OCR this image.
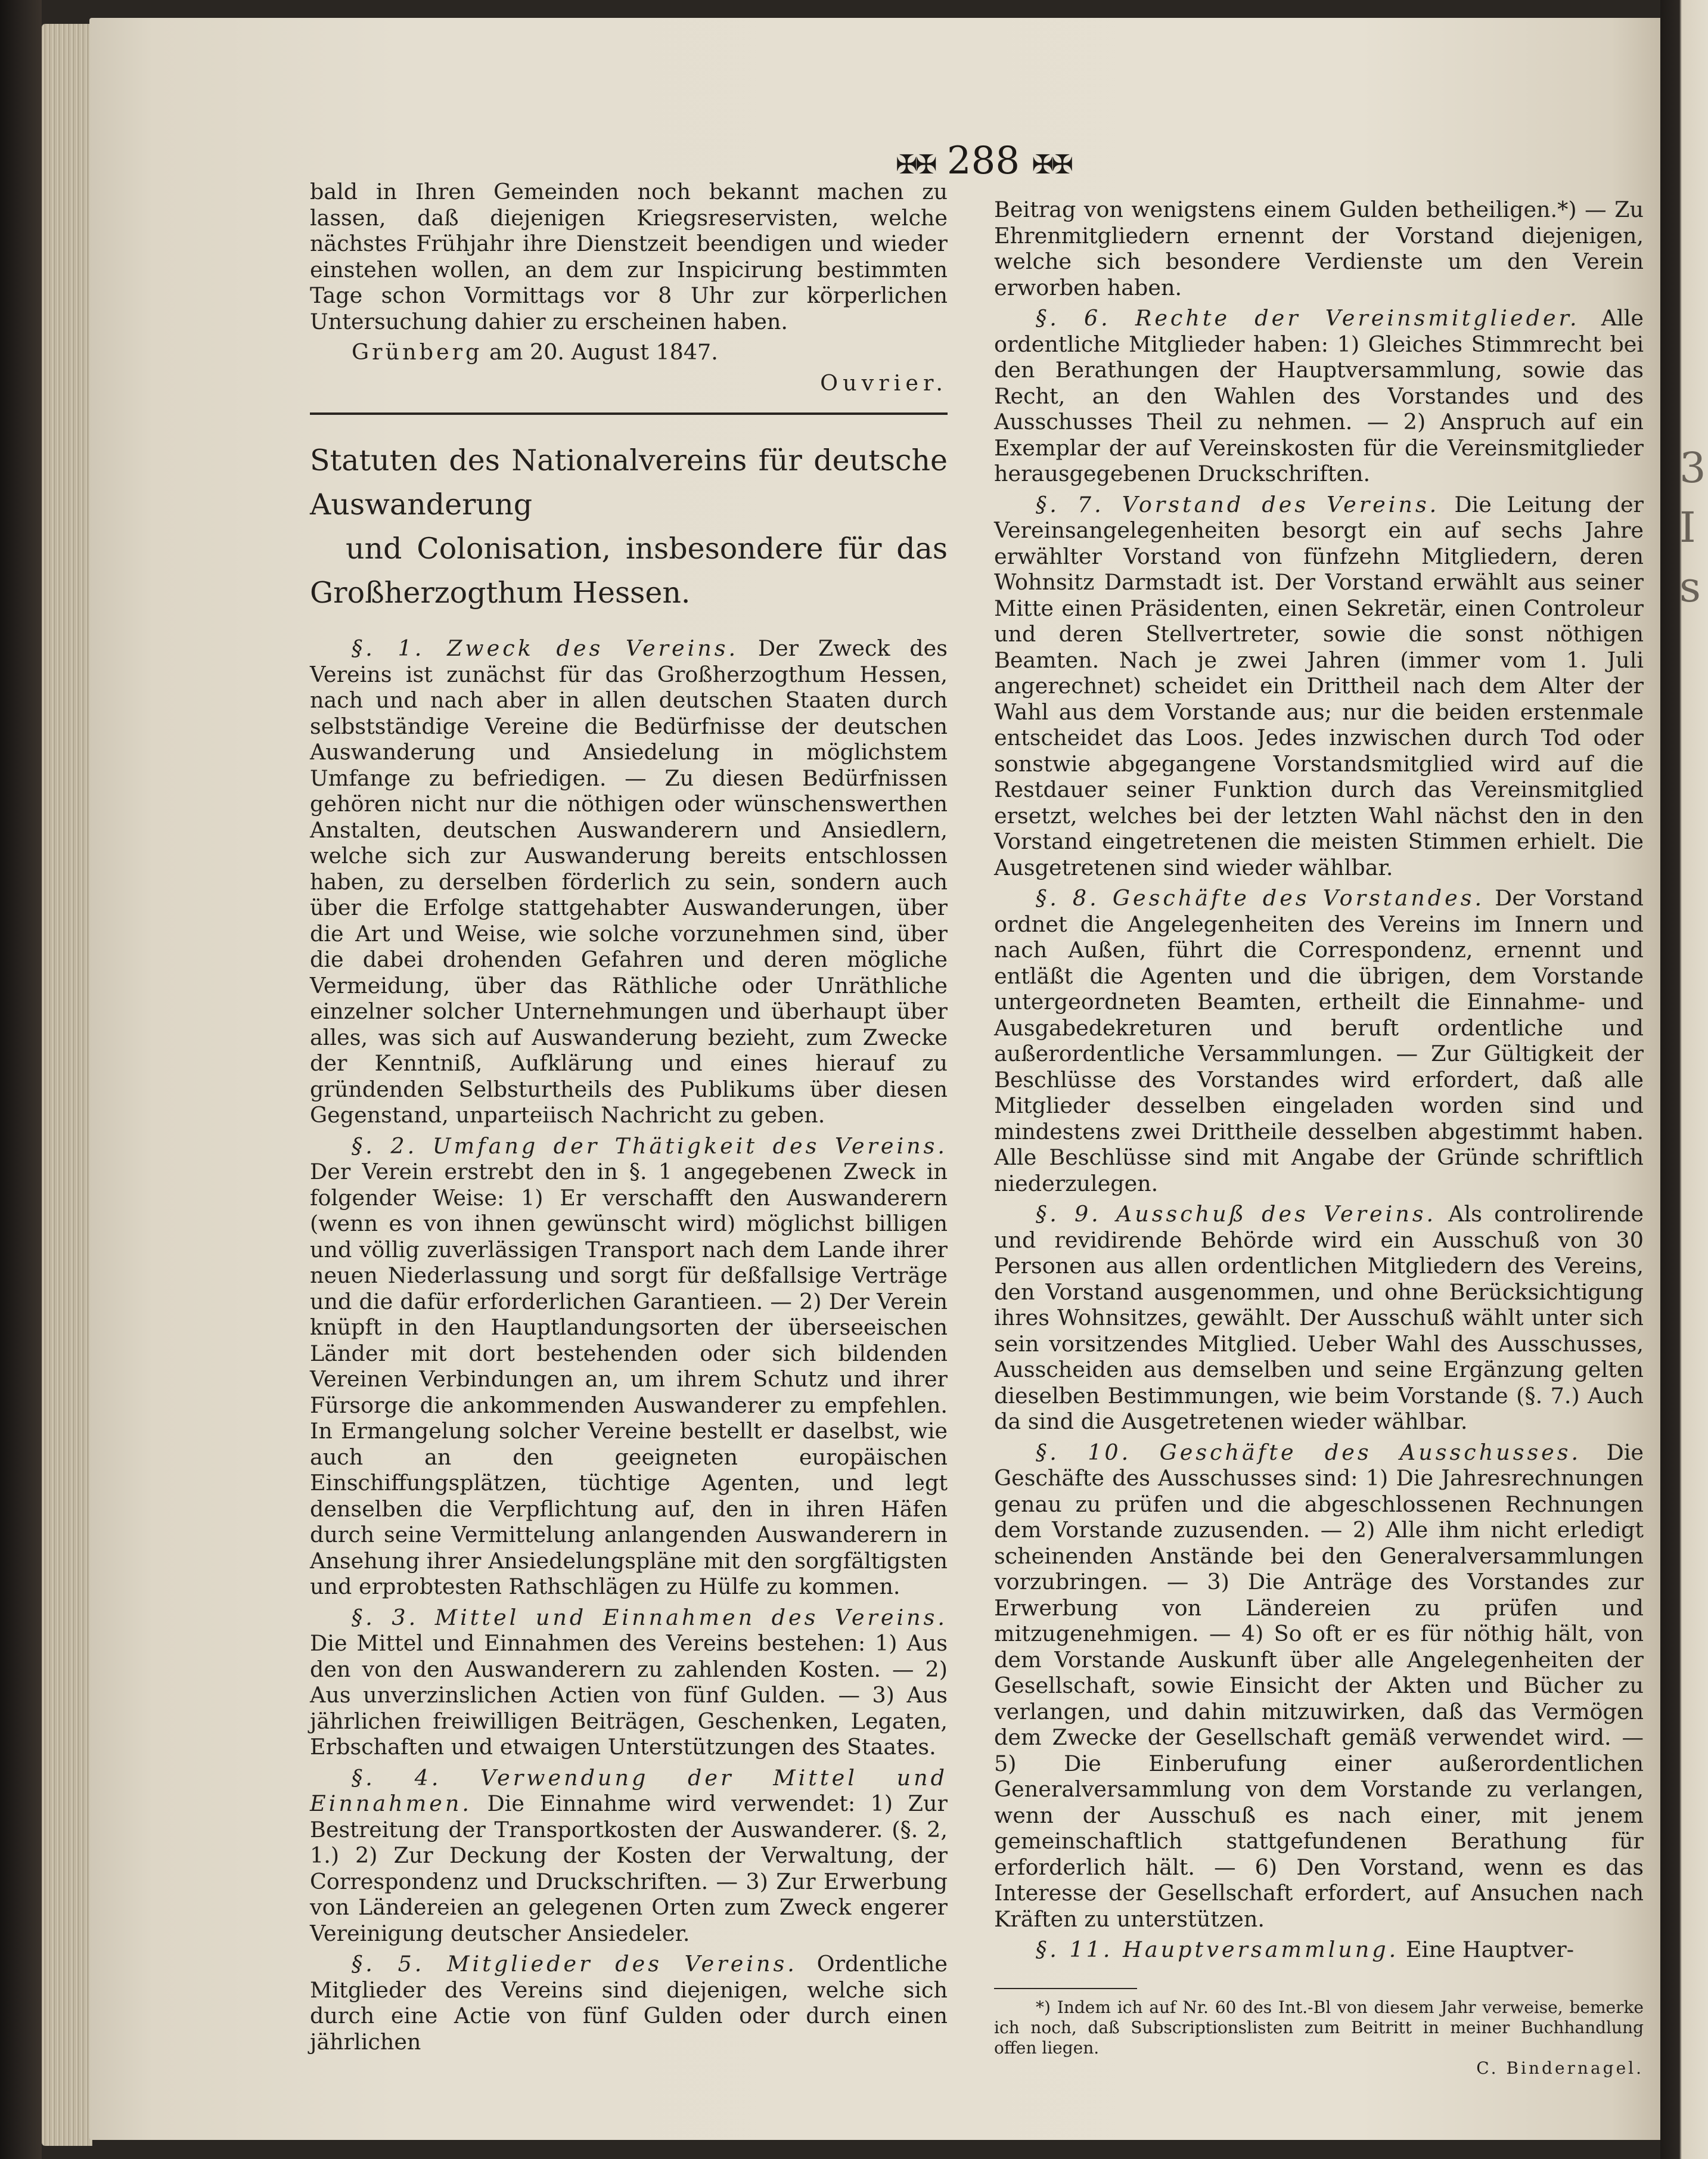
3
I
s
✠✠ 288 ✠✠

bald in Ihren Gemeinden noch bekannt machen zu lassen, daß diejenigen Kriegsreservisten, welche nächstes Frühjahr ihre Dienstzeit beendigen und wieder einstehen wollen, an dem zur Inspicirung bestimmten Tage schon Vormittags vor 8 Uhr zur körperlichen Untersuchung dahier zu erscheinen haben.

Grünberg am 20. August 1847.

Ouvrier.

Statuten des Nationalvereins für deutsche Auswanderung
und Colonisation, insbesondere für das Großherzogthum Hessen.

§. 1. Zweck des Vereins. Der Zweck des Vereins ist zunächst für das Großherzogthum Hessen, nach und nach aber in allen deutschen Staaten durch selbstständige Vereine die Bedürfnisse der deutschen Auswanderung und Ansiedelung in möglichstem Umfange zu befriedigen. — Zu diesen Bedürfnissen gehören nicht nur die nöthigen oder wünschenswerthen Anstalten, deutschen Auswanderern und Ansiedlern, welche sich zur Auswanderung bereits entschlossen haben, zu derselben förderlich zu sein, sondern auch über die Erfolge stattgehabter Auswanderungen, über die Art und Weise, wie solche vorzunehmen sind, über die dabei drohenden Gefahren und deren mögliche Vermeidung, über das Räthliche oder Unräthliche einzelner solcher Unternehmungen und überhaupt über alles, was sich auf Auswanderung bezieht, zum Zwecke der Kenntniß, Aufklärung und eines hierauf zu gründenden Selbsturtheils des Publikums über diesen Gegenstand, unparteiisch Nachricht zu geben.

§. 2. Umfang der Thätigkeit des Vereins. Der Verein erstrebt den in §. 1 angegebenen Zweck in folgender Weise: 1) Er verschafft den Auswanderern (wenn es von ihnen gewünscht wird) möglichst billigen und völlig zuverlässigen Transport nach dem Lande ihrer neuen Niederlassung und sorgt für deßfallsige Verträge und die dafür erforderlichen Garantieen. — 2) Der Verein knüpft in den Hauptlandungsorten der überseeischen Länder mit dort bestehenden oder sich bildenden Vereinen Verbindungen an, um ihrem Schutz und ihrer Fürsorge die ankommenden Auswanderer zu empfehlen. In Ermangelung solcher Vereine bestellt er daselbst, wie auch an den geeigneten europäischen Einschiffungsplätzen, tüchtige Agenten, und legt denselben die Verpflichtung auf, den in ihren Häfen durch seine Vermittelung anlangenden Auswanderern in Ansehung ihrer Ansiedelungspläne mit den sorgfältigsten und erprobtesten Rathschlägen zu Hülfe zu kommen.

§. 3. Mittel und Einnahmen des Vereins. Die Mittel und Einnahmen des Vereins bestehen: 1) Aus den von den Auswanderern zu zahlenden Kosten. — 2) Aus unverzinslichen Actien von fünf Gulden. — 3) Aus jährlichen freiwilligen Beiträgen, Geschenken, Legaten, Erbschaften und etwaigen Unterstützungen des Staates.

§. 4. Verwendung der Mittel und Einnahmen. Die Einnahme wird verwendet: 1) Zur Bestreitung der Transportkosten der Auswanderer. (§. 2, 1.) 2) Zur Deckung der Kosten der Verwaltung, der Correspondenz und Druckschriften. — 3) Zur Erwerbung von Ländereien an gelegenen Orten zum Zweck engerer Vereinigung deutscher Ansiedeler.

§. 5. Mitglieder des Vereins. Ordentliche Mitglieder des Vereins sind diejenigen, welche sich durch eine Actie von fünf Gulden oder durch einen jährlichen

Beitrag von wenigstens einem Gulden betheiligen.*) — Zu Ehrenmitgliedern ernennt der Vorstand diejenigen, welche sich besondere Verdienste um den Verein erworben haben.

§. 6. Rechte der Vereinsmitglieder. Alle ordentliche Mitglieder haben: 1) Gleiches Stimmrecht bei den Berathungen der Hauptversammlung, sowie das Recht, an den Wahlen des Vorstandes und des Ausschusses Theil zu nehmen. — 2) Anspruch auf ein Exemplar der auf Vereinskosten für die Vereinsmitglieder herausgegebenen Druckschriften.

§. 7. Vorstand des Vereins. Die Leitung der Vereinsangelegenheiten besorgt ein auf sechs Jahre erwählter Vorstand von fünfzehn Mitgliedern, deren Wohnsitz Darmstadt ist. Der Vorstand erwählt aus seiner Mitte einen Präsidenten, einen Sekretär, einen Controleur und deren Stellvertreter, sowie die sonst nöthigen Beamten. Nach je zwei Jahren (immer vom 1. Juli angerechnet) scheidet ein Drittheil nach dem Alter der Wahl aus dem Vorstande aus; nur die beiden erstenmale entscheidet das Loos. Jedes inzwischen durch Tod oder sonstwie abgegangene Vorstandsmitglied wird auf die Restdauer seiner Funktion durch das Vereinsmitglied ersetzt, welches bei der letzten Wahl nächst den in den Vorstand eingetretenen die meisten Stimmen erhielt. Die Ausgetretenen sind wieder wählbar.

§. 8. Geschäfte des Vorstandes. Der Vorstand ordnet die Angelegenheiten des Vereins im Innern und nach Außen, führt die Correspondenz, ernennt und entläßt die Agenten und die übrigen, dem Vorstande untergeordneten Beamten, ertheilt die Einnahme- und Ausgabedekreturen und beruft ordentliche und außerordentliche Versammlungen. — Zur Gültigkeit der Beschlüsse des Vorstandes wird erfordert, daß alle Mitglieder desselben eingeladen worden sind und mindestens zwei Drittheile desselben abgestimmt haben. Alle Beschlüsse sind mit Angabe der Gründe schriftlich niederzulegen.

§. 9. Ausschuß des Vereins. Als controlirende und revidirende Behörde wird ein Ausschuß von 30 Personen aus allen ordentlichen Mitgliedern des Vereins, den Vorstand ausgenommen, und ohne Berücksichtigung ihres Wohnsitzes, gewählt. Der Ausschuß wählt unter sich sein vorsitzendes Mitglied. Ueber Wahl des Ausschusses, Ausscheiden aus demselben und seine Ergänzung gelten dieselben Bestimmungen, wie beim Vorstande (§. 7.) Auch da sind die Ausgetretenen wieder wählbar.

§. 10. Geschäfte des Ausschusses. Die Geschäfte des Ausschusses sind: 1) Die Jahresrechnungen genau zu prüfen und die abgeschlossenen Rechnungen dem Vorstande zuzusenden. — 2) Alle ihm nicht erledigt scheinenden Anstände bei den Generalversammlungen vorzubringen. — 3) Die Anträge des Vorstandes zur Erwerbung von Ländereien zu prüfen und mitzugenehmigen. — 4) So oft er es für nöthig hält, von dem Vorstande Auskunft über alle Angelegenheiten der Gesellschaft, sowie Einsicht der Akten und Bücher zu verlangen, und dahin mitzuwirken, daß das Vermögen dem Zwecke der Gesellschaft gemäß verwendet wird. — 5) Die Einberufung einer außerordentlichen Generalversammlung von dem Vorstande zu verlangen, wenn der Ausschuß es nach einer, mit jenem gemeinschaftlich stattgefundenen Berathung für erforderlich hält. — 6) Den Vorstand, wenn es das Interesse der Gesellschaft erfordert, auf Ansuchen nach Kräften zu unterstützen.

§. 11. Hauptversammlung. Eine Hauptver-

*) Indem ich auf Nr. 60 des Int.-Bl von diesem Jahr verweise, bemerke ich noch, daß Subscriptionslisten zum Beitritt in meiner Buchhandlung offen liegen.
C. Bindernagel.
